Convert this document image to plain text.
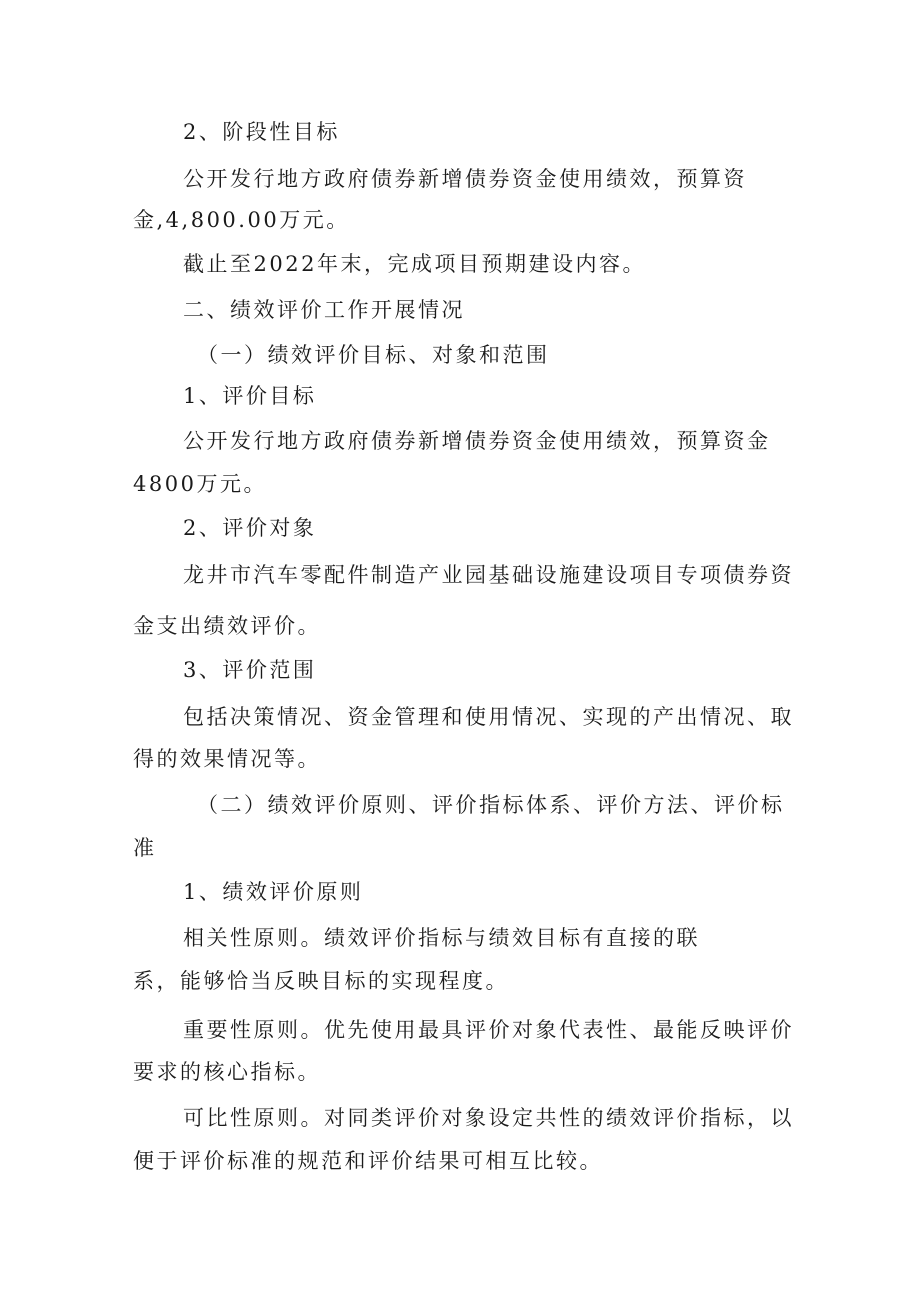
2、阶段性目标
公开发行地方政府债券新增债券资金使用绩效，预算资
金,4,800.00万元。
截止至2022年末，完成项目预期建设内容。
二、绩效评价工作开展情况
（一）绩效评价目标、对象和范围
1、评价目标
公开发行地方政府债券新增债券资金使用绩效，预算资金
4800万元。
2、评价对象
龙井市汽车零配件制造产业园基础设施建设项目专项债券资
金支出绩效评价。
3、评价范围
包括决策情况、资金管理和使用情况、实现的产出情况、取
得的效果情况等。
（二）绩效评价原则、评价指标体系、评价方法、评价标
准
1、绩效评价原则
相关性原则。绩效评价指标与绩效目标有直接的联
系，能够恰当反映目标的实现程度。
重要性原则。优先使用最具评价对象代表性、最能反映评价
要求的核心指标。
可比性原则。对同类评价对象设定共性的绩效评价指标，以
便于评价标准的规范和评价结果可相互比较。
